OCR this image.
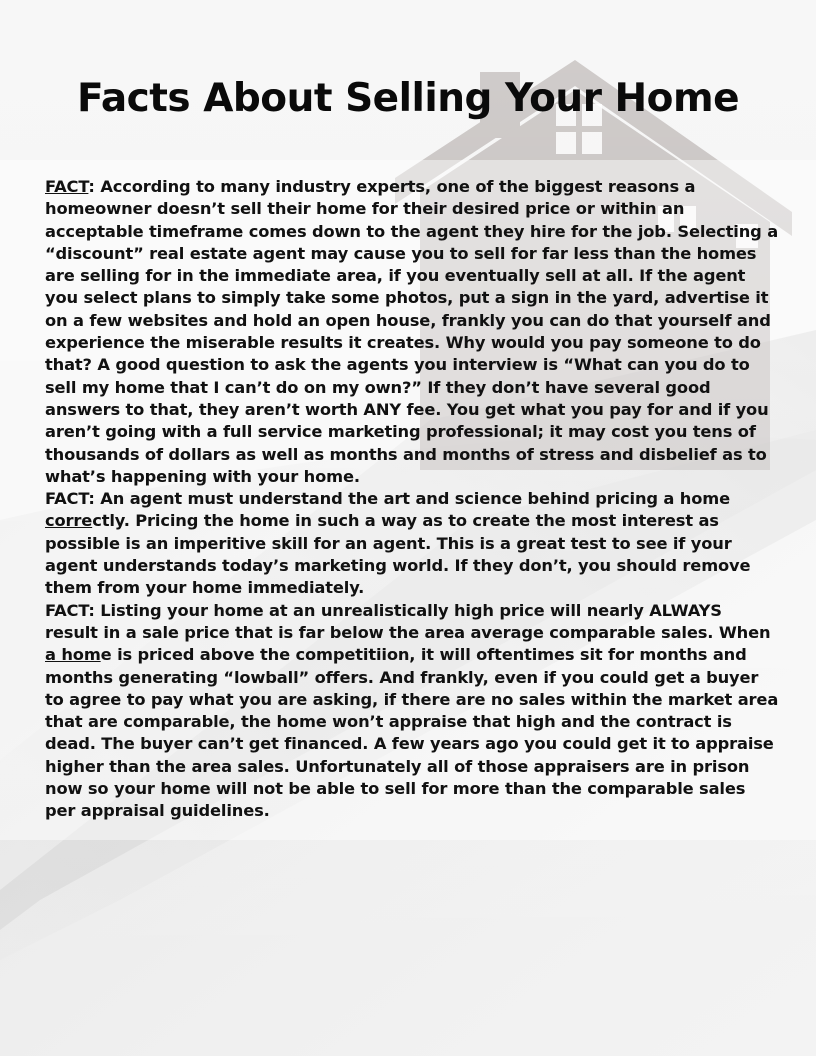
Facts About Selling Your Home

FACT: According to many industry experts, one of the biggest reasons a homeowner doesn’t sell their home for their desired price or within an acceptable timeframe comes down to the agent they hire for the job. Selecting a “discount” real estate agent may cause you to sell for far less than the homes are selling for in the immediate area, if you eventually sell at all. If the agent you select plans to simply take some photos, put a sign in the yard, advertise it on a few websites and hold an open house, frankly you can do that yourself and experience the miserable results it creates. Why would you pay someone to do that? A good question to ask the agents you interview is “What can you do to sell my home that I can’t do on my own?” If they don’t have several good answers to that, they aren’t worth ANY fee. You get what you pay for and if you aren’t going with a full service marketing professional; it may cost you tens of thousands of dollars as well as months and months of stress and disbelief as to what’s happening with your home.

FACT: An agent must understand the art and science behind pricing a home correctly. Pricing the home in such a way as to create the most interest as possible is an imperitive skill for an agent. This is a great test to see if your agent understands today’s marketing world. If they don’t, you should remove them from your home immediately.

FACT: Listing your home at an unrealistically high price will nearly ALWAYS result in a sale price that is far below the area average comparable sales. When a home is priced above the competitiion, it will oftentimes sit for months and months generating “lowball” offers. And frankly, even if you could get a buyer to agree to pay what you are asking, if there are no sales within the market area that are comparable, the home won’t appraise that high and the contract is dead. The buyer can’t get financed. A few years ago you could get it to appraise higher than the area sales. Unfortunately all of those appraisers are in prison now so your home will not be able to sell for more than the comparable sales per appraisal guidelines.
